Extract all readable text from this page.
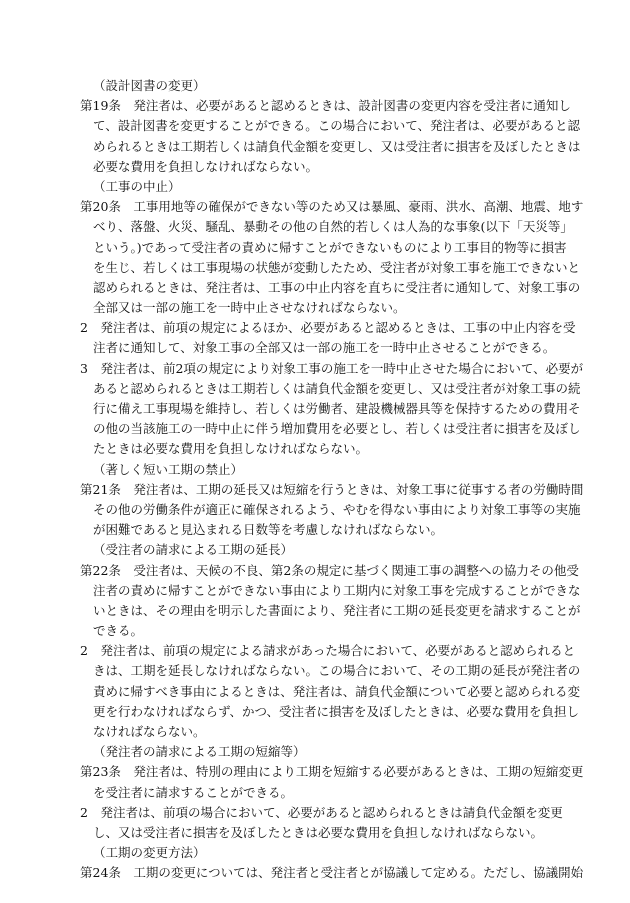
（設計図書の変更）
第19条　発注者は、必要があると認めるときは、設計図書の変更内容を受注者に通知し
て、設計図書を変更することができる。この場合において、発注者は、必要があると認
められるときは工期若しくは請負代金額を変更し、又は受注者に損害を及ぼしたときは
必要な費用を負担しなければならない。
（工事の中止）
第20条　工事用地等の確保ができない等のため又は暴風、豪雨、洪水、高潮、地震、地す
べり、落盤、火災、騒乱、暴動その他の自然的若しくは人為的な事象(以下「天災等」
という。)であって受注者の責めに帰すことができないものにより工事目的物等に損害
を生じ、若しくは工事現場の状態が変動したため、受注者が対象工事を施工できないと
認められるときは、発注者は、工事の中止内容を直ちに受注者に通知して、対象工事の
全部又は一部の施工を一時中止させなければならない。
2　発注者は、前項の規定によるほか、必要があると認めるときは、工事の中止内容を受
注者に通知して、対象工事の全部又は一部の施工を一時中止させることができる。
3　発注者は、前2項の規定により対象工事の施工を一時中止させた場合において、必要が
あると認められるときは工期若しくは請負代金額を変更し、又は受注者が対象工事の続
行に備え工事現場を維持し、若しくは労働者、建設機械器具等を保持するための費用そ
の他の当該施工の一時中止に伴う増加費用を必要とし、若しくは受注者に損害を及ぼし
たときは必要な費用を負担しなければならない。
（著しく短い工期の禁止）
第21条　発注者は、工期の延長又は短縮を行うときは、対象工事に従事する者の労働時間
その他の労働条件が適正に確保されるよう、やむを得ない事由により対象工事等の実施
が困難であると見込まれる日数等を考慮しなければならない。
（受注者の請求による工期の延長）
第22条　受注者は、天候の不良、第2条の規定に基づく関連工事の調整への協力その他受
注者の責めに帰すことができない事由により工期内に対象工事を完成することができな
いときは、その理由を明示した書面により、発注者に工期の延長変更を請求することが
できる。
2　発注者は、前項の規定による請求があった場合において、必要があると認められると
きは、工期を延長しなければならない。この場合において、その工期の延長が発注者の
責めに帰すべき事由によるときは、発注者は、請負代金額について必要と認められる変
更を行わなければならず、かつ、受注者に損害を及ぼしたときは、必要な費用を負担し
なければならない。
（発注者の請求による工期の短縮等）
第23条　発注者は、特別の理由により工期を短縮する必要があるときは、工期の短縮変更
を受注者に請求することができる。
2　発注者は、前項の場合において、必要があると認められるときは請負代金額を変更
し、又は受注者に損害を及ぼしたときは必要な費用を負担しなければならない。
（工期の変更方法）
第24条　工期の変更については、発注者と受注者とが協議して定める。ただし、協議開始
